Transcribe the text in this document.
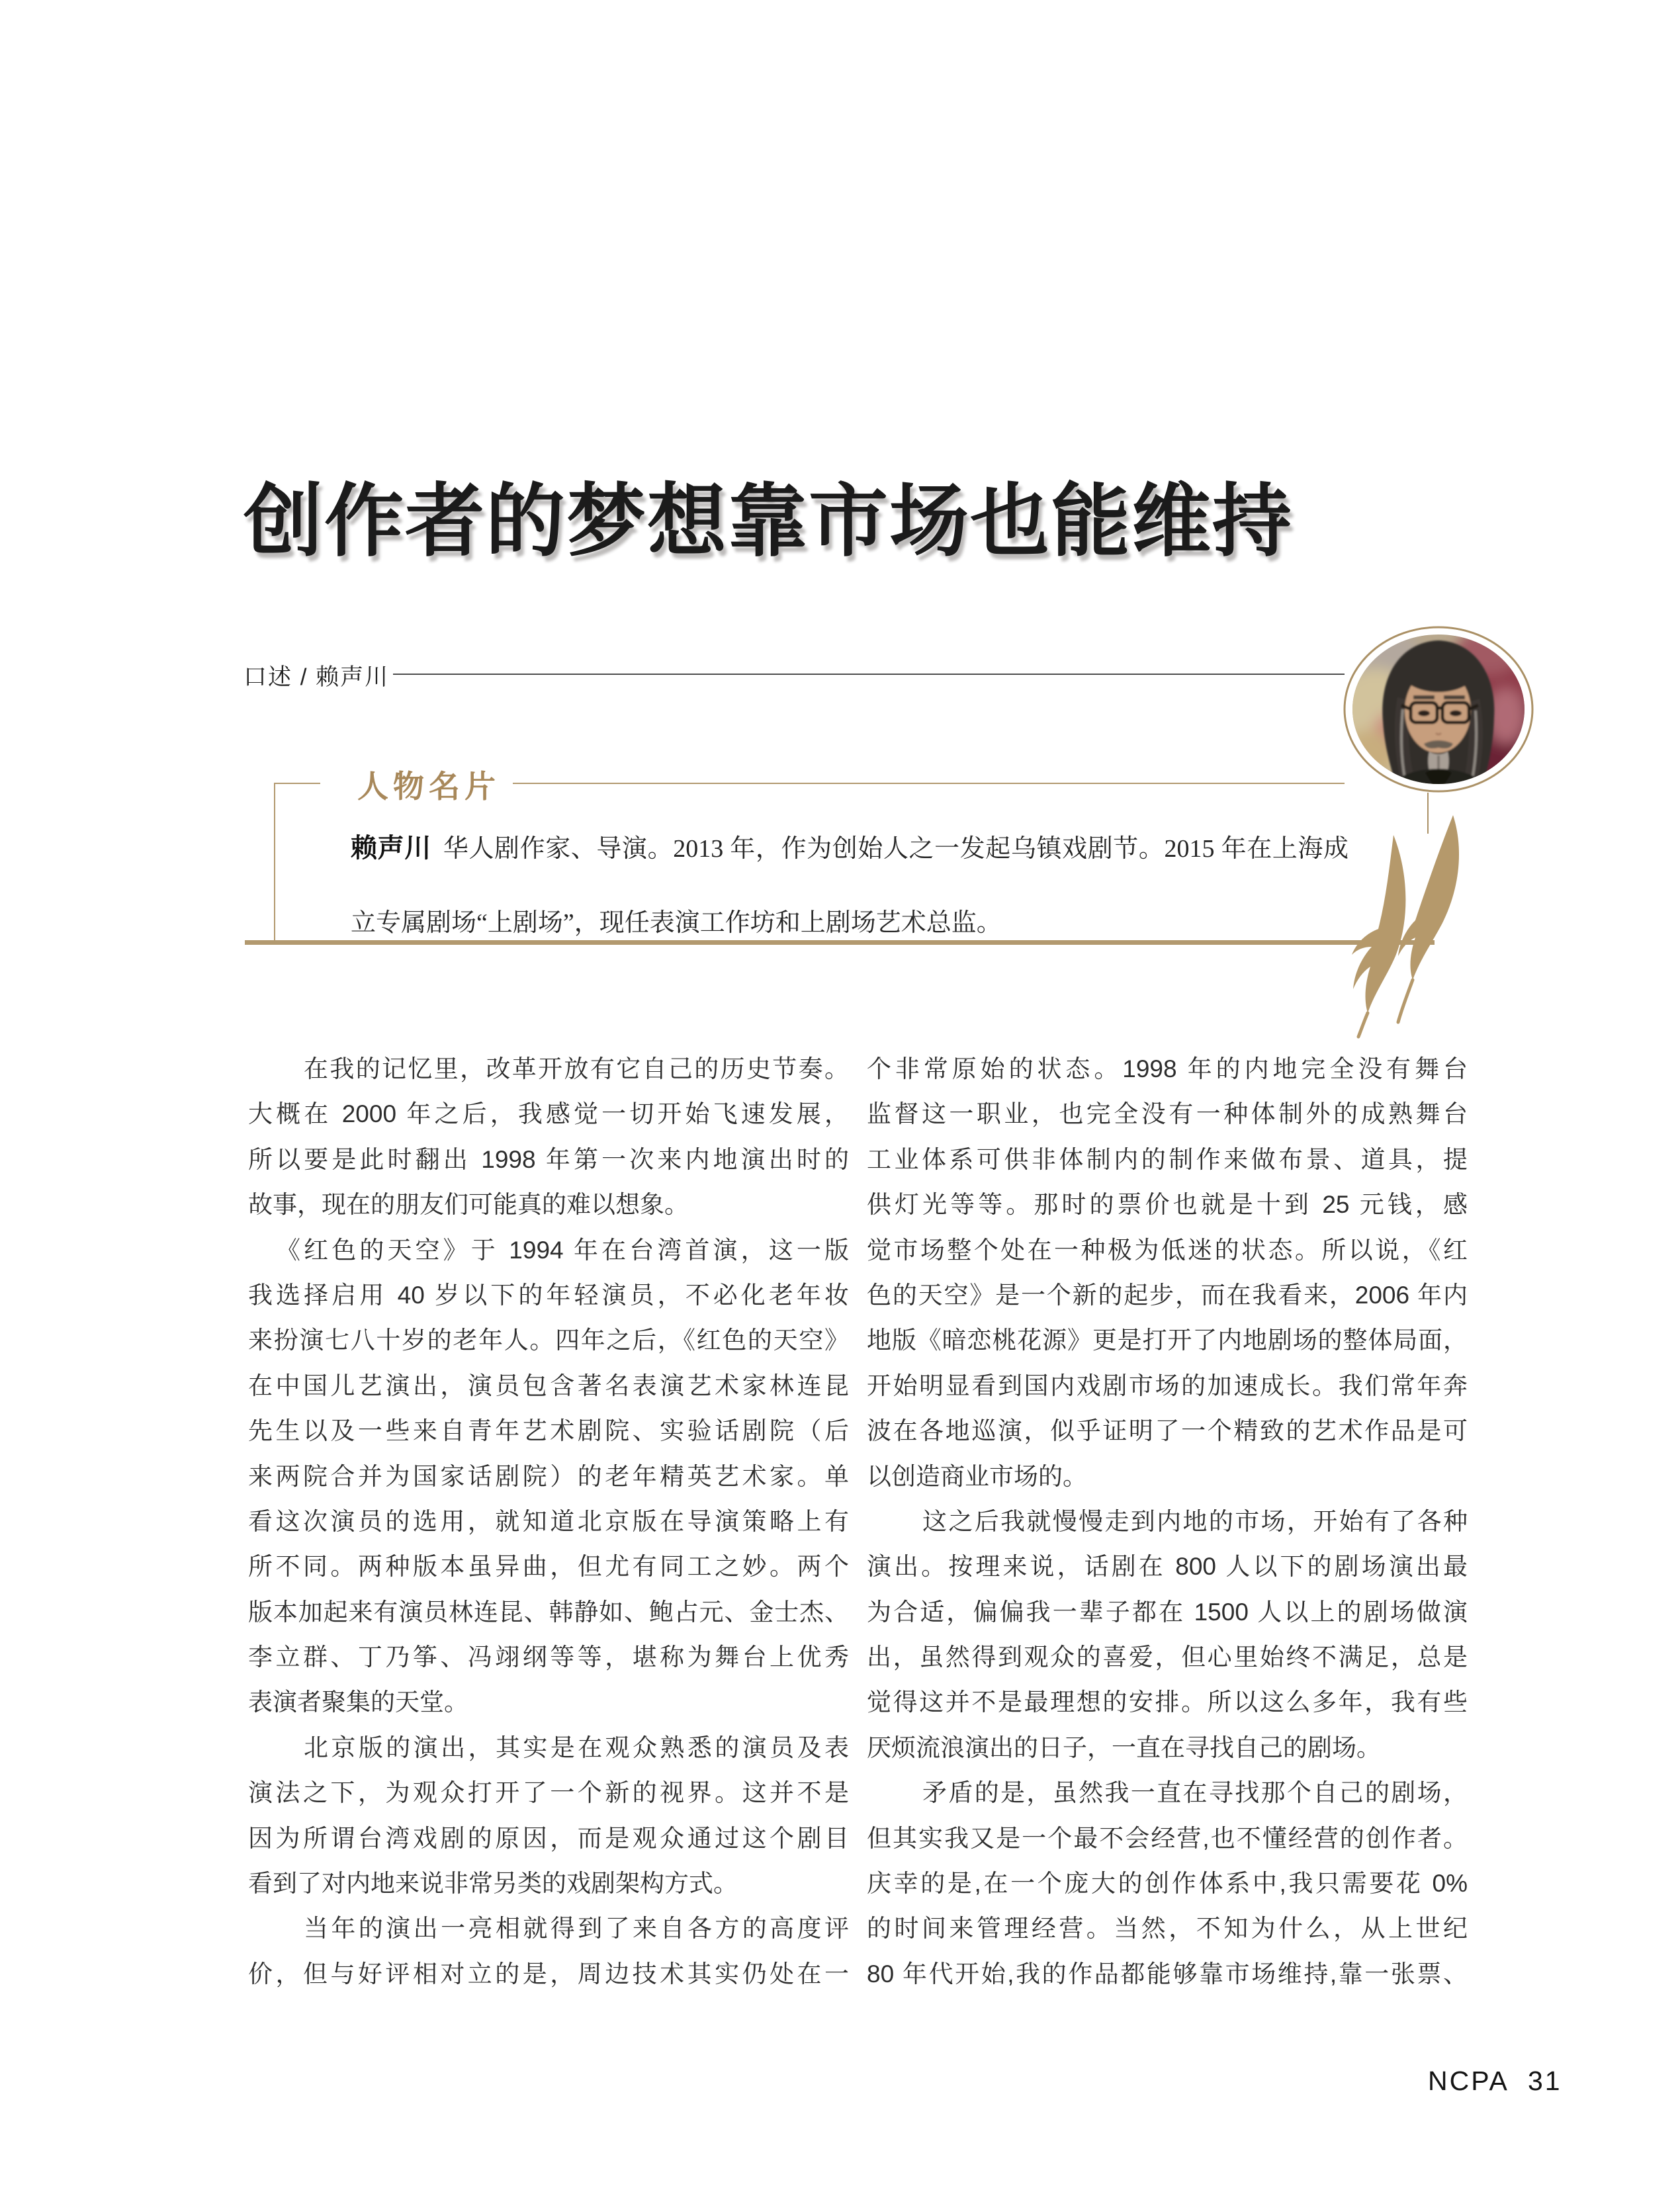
创作者的梦想靠市场也能维持
口述 / 赖声川
人物名片
赖声川 华人剧作家、导演。2013 年，作为创始人之一发起乌镇戏剧节。2015 年在上海成
立专属剧场“上剧场”，现任表演工作坊和上剧场艺术总监。
在我的记忆里，改革开放有它自己的历史节奏。
大概在 2000 年之后，我感觉一切开始飞速发展，
所以要是此时翻出 1998 年第一次来内地演出时的
故事，现在的朋友们可能真的难以想象。
《红色的天空》于 1994 年在台湾首演，这一版
我选择启用 40 岁以下的年轻演员，不必化老年妆
来扮演七八十岁的老年人。四年之后，《红色的天空》
在中国儿艺演出，演员包含著名表演艺术家林连昆
先生以及一些来自青年艺术剧院、实验话剧院（后
来两院合并为国家话剧院）的老年精英艺术家。单
看这次演员的选用，就知道北京版在导演策略上有
所不同。两种版本虽异曲，但尤有同工之妙。两个
版本加起来有演员林连昆、韩静如、鲍占元、金士杰、
李立群、丁乃筝、冯翊纲等等，堪称为舞台上优秀
表演者聚集的天堂。
北京版的演出，其实是在观众熟悉的演员及表
演法之下，为观众打开了一个新的视界。这并不是
因为所谓台湾戏剧的原因，而是观众通过这个剧目
看到了对内地来说非常另类的戏剧架构方式。
当年的演出一亮相就得到了来自各方的高度评
价，但与好评相对立的是，周边技术其实仍处在一
个非常原始的状态。1998 年的内地完全没有舞台
监督这一职业，也完全没有一种体制外的成熟舞台
工业体系可供非体制内的制作来做布景、道具，提
供灯光等等。那时的票价也就是十到 25 元钱，感
觉市场整个处在一种极为低迷的状态。所以说，《红
色的天空》是一个新的起步，而在我看来，2006 年内
地版《暗恋桃花源》更是打开了内地剧场的整体局面，
开始明显看到国内戏剧市场的加速成长。我们常年奔
波在各地巡演，似乎证明了一个精致的艺术作品是可
以创造商业市场的。
这之后我就慢慢走到内地的市场，开始有了各种
演出。按理来说，话剧在 800 人以下的剧场演出最
为合适，偏偏我一辈子都在 1500 人以上的剧场做演
出，虽然得到观众的喜爱，但心里始终不满足，总是
觉得这并不是最理想的安排。所以这么多年，我有些
厌烦流浪演出的日子，一直在寻找自己的剧场。
矛盾的是，虽然我一直在寻找那个自己的剧场，
但其实我又是一个最不会经营,也不懂经营的创作者。
庆幸的是,在一个庞大的创作体系中,我只需要花 0%
的时间来管理经营。当然，不知为什么，从上世纪
80 年代开始,我的作品都能够靠市场维持,靠一张票、
NCPA 31
